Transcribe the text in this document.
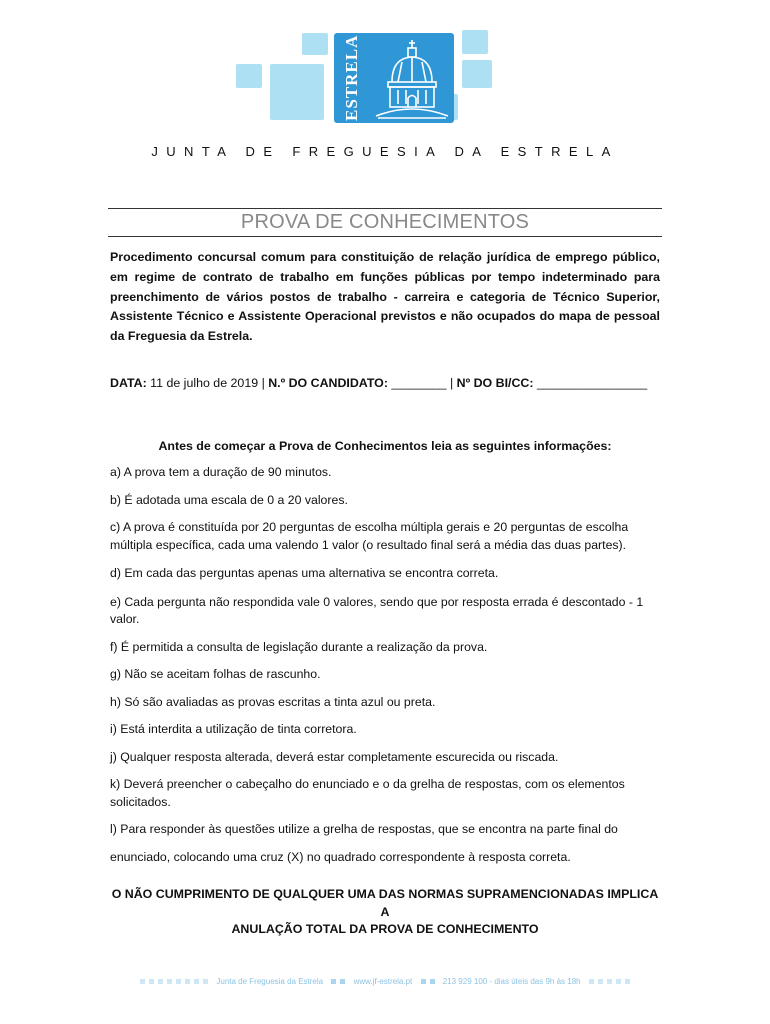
ESTRELA
JUNTA DE FREGUESIA DA ESTRELA
PROVA DE CONHECIMENTOS

Procedimento concursal comum para constituição de relação jurídica de emprego público, em regime de contrato de trabalho em funções públicas por tempo indeterminado para preenchimento de vários postos de trabalho - carreira e categoria de Técnico Superior, Assistente Técnico e Assistente Operacional previstos e não ocupados do mapa de pessoal da Freguesia da Estrela.

DATA: 11 de julho de 2019 | N.º DO CANDIDATO: ________ | Nº DO BI/CC: ________________

Antes de começar a Prova de Conhecimentos leia as seguintes informações:

a) A prova tem a duração de 90 minutos.
b) É adotada uma escala de 0 a 20 valores.
c) A prova é constituída por 20 perguntas de escolha múltipla gerais e 20 perguntas de escolha múltipla específica, cada uma valendo 1 valor (o resultado final será a média das duas partes).
d) Em cada das perguntas apenas uma alternativa se encontra correta.
e) Cada pergunta não respondida vale 0 valores, sendo que por resposta errada é descontado - 1 valor.
f) É permitida a consulta de legislação durante a realização da prova.
g) Não se aceitam folhas de rascunho.
h) Só são avaliadas as provas escritas a tinta azul ou preta.
i) Está interdita a utilização de tinta corretora.
j) Qualquer resposta alterada, deverá estar completamente escurecida ou riscada.
k) Deverá preencher o cabeçalho do enunciado e o da grelha de respostas, com os elementos solicitados.
l) Para responder às questões utilize a grelha de respostas, que se encontra na parte final do
enunciado, colocando uma cruz (X) no quadrado correspondente à resposta correta.
O NÃO CUMPRIMENTO DE QUALQUER UMA DAS NORMAS SUPRAMENCIONADAS IMPLICA A
ANULAÇÃO TOTAL DA PROVA DE CONHECIMENTO
Junta de Freguesia da Estrela	www.jf-estrela.pt	213 929 100 - dias úteis das 9h às 18h
